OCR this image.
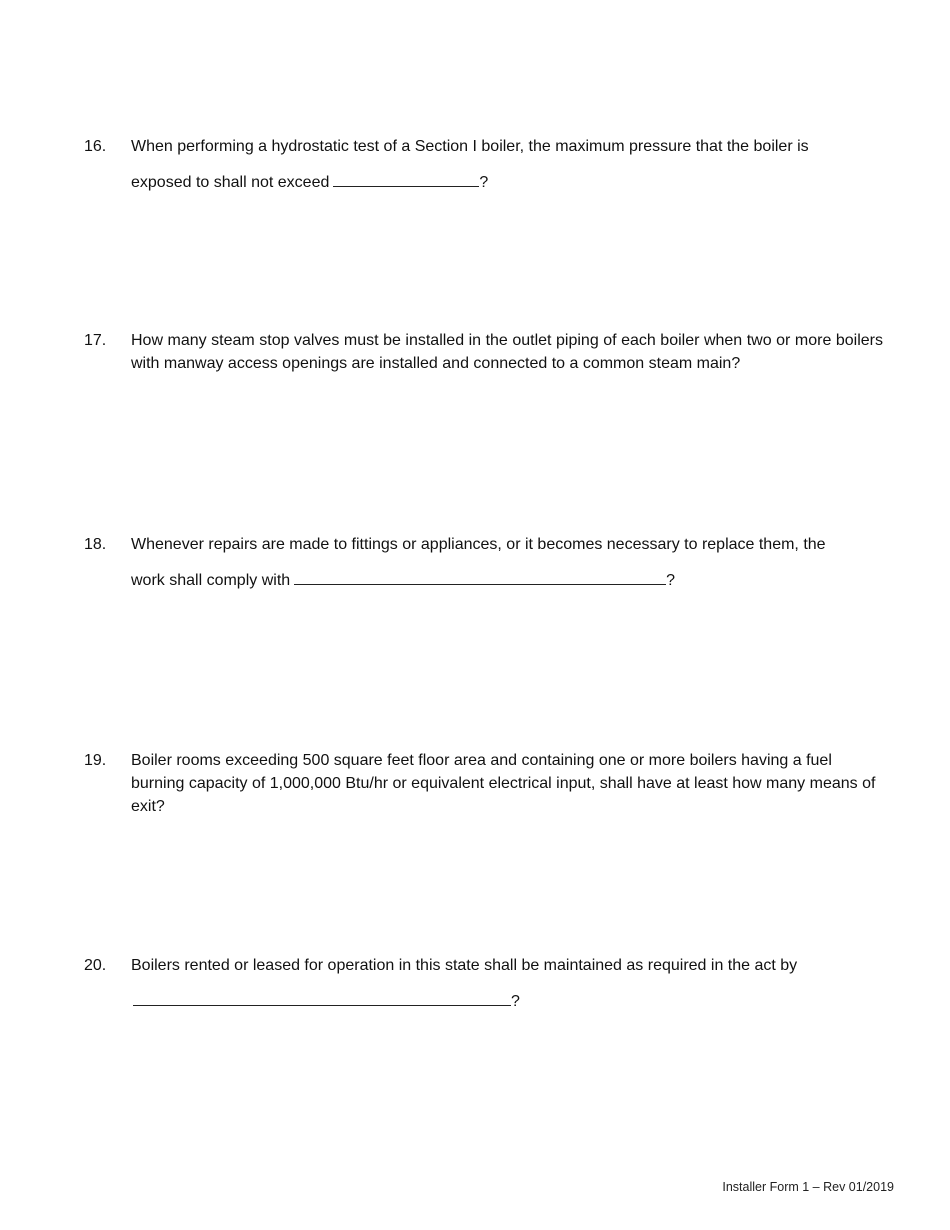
16. When performing a hydrostatic test of a Section I boiler, the maximum pressure that the boiler is
exposed to shall not exceed	?
17. How many steam stop valves must be installed in the outlet piping of each boiler when two or more boilers with manway access openings are installed and connected to a common steam main?
18. Whenever repairs are made to fittings or appliances, or it becomes necessary to replace them, the
work shall comply with	?
19. Boiler rooms exceeding 500 square feet floor area and containing one or more boilers having a fuel burning capacity of 1,000,000 Btu/hr or equivalent electrical input, shall have at least how many means of exit?
20. Boilers rented or leased for operation in this state shall be maintained as required in the act by
?
Installer Form 1 – Rev 01/2019
